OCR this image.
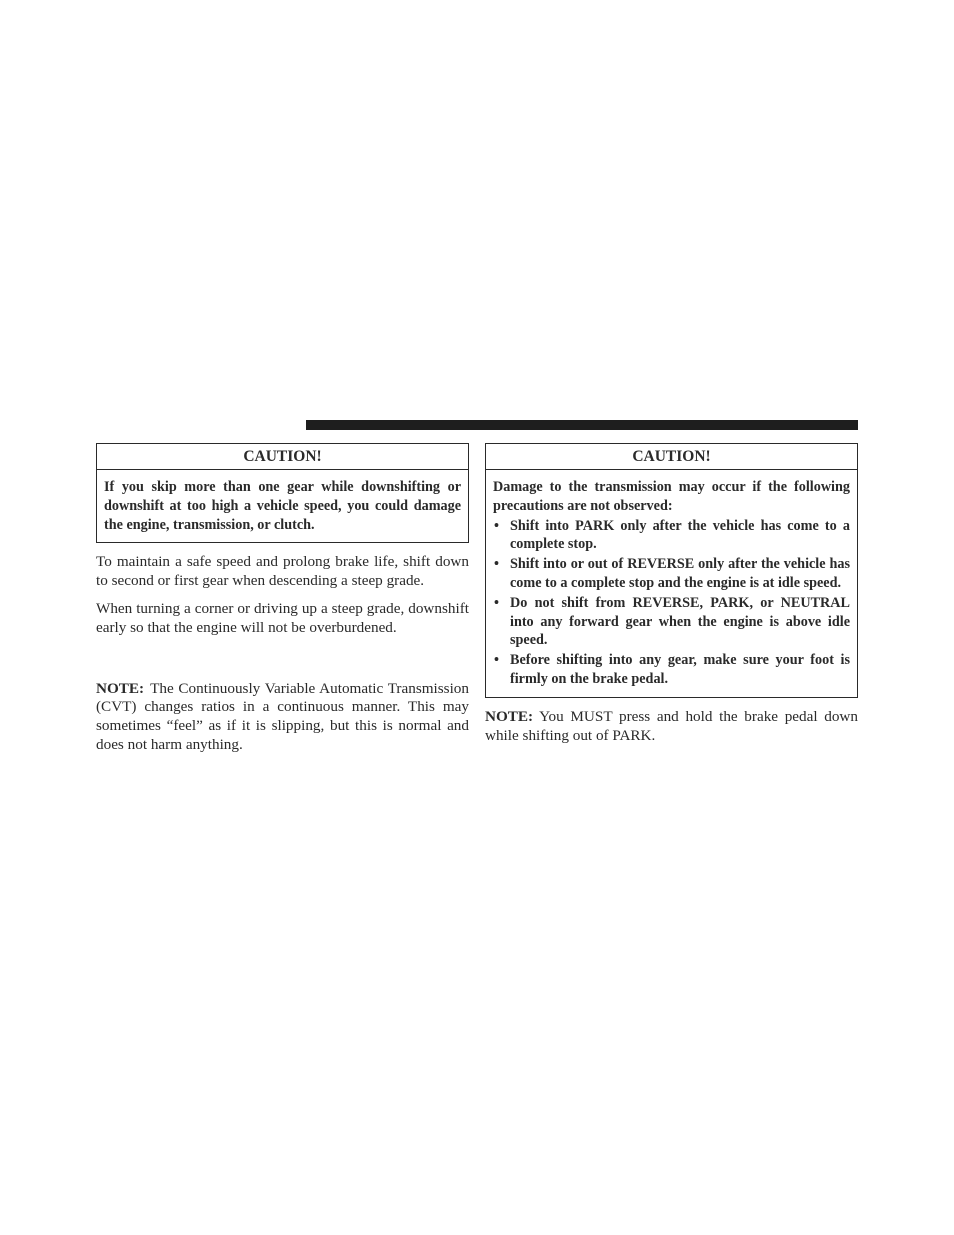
CAUTION!

If you skip more than one gear while downshifting or downshift at too high a vehicle speed, you could damage the engine, transmission, or clutch.

To maintain a safe speed and prolong brake life, shift down to second or first gear when descending a steep grade.

When turning a corner or driving up a steep grade, downshift early so that the engine will not be overburdened.

NOTE: The Continuously Variable Automatic Transmission (CVT) changes ratios in a continuous manner. This may sometimes “feel” as if it is slipping, but this is normal and does not harm anything.

CAUTION!

Damage to the transmission may occur if the following precautions are not observed:

• Shift into PARK only after the vehicle has come to a complete stop.
• Shift into or out of REVERSE only after the vehicle has come to a complete stop and the engine is at idle speed.
• Do not shift from REVERSE, PARK, or NEUTRAL into any forward gear when the engine is above idle speed.
• Before shifting into any gear, make sure your foot is firmly on the brake pedal.

NOTE: You MUST press and hold the brake pedal down while shifting out of PARK.
